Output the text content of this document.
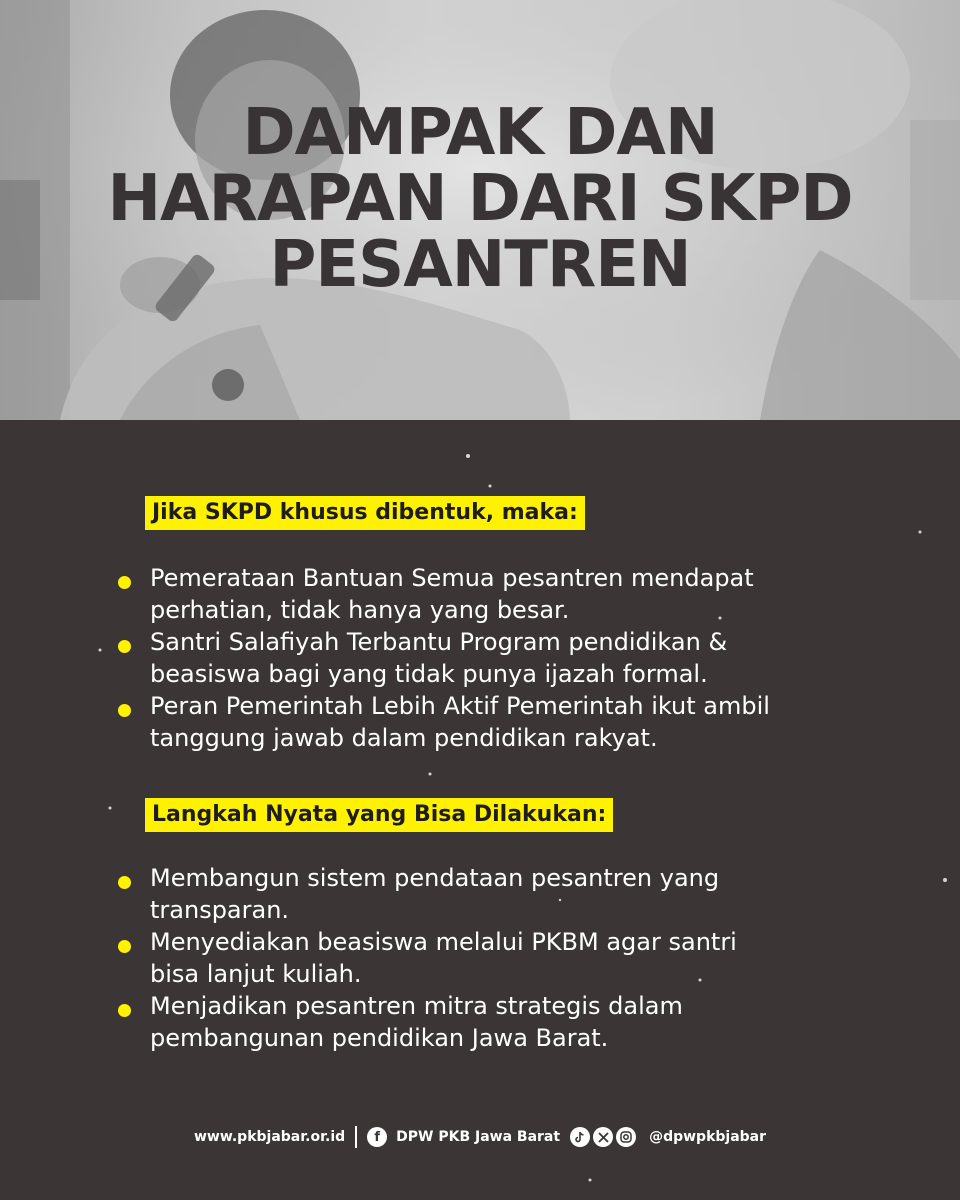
DAMPAK DAN
HARAPAN DARI SKPD
PESANTREN
Jika SKPD khusus dibentuk, maka:

Pemerataan Bantuan Semua pesantren mendapat

perhatian, tidak hanya yang besar.

Santri Salafiyah Terbantu Program pendidikan &

beasiswa bagi yang tidak punya ijazah formal.

Peran Pemerintah Lebih Aktif Pemerintah ikut ambil

tanggung jawab dalam pendidikan rakyat.

Langkah Nyata yang Bisa Dilakukan:

Membangun sistem pendataan pesantren yang

transparan.

Menyediakan beasiswa melalui PKBM agar santri

bisa lanjut kuliah.

Menjadikan pesantren mitra strategis dalam

pembangunan pendidikan Jawa Barat.

www.pkbjabar.or.id	f	DPW PKB Jawa Barat	@dpwpkbjabar
